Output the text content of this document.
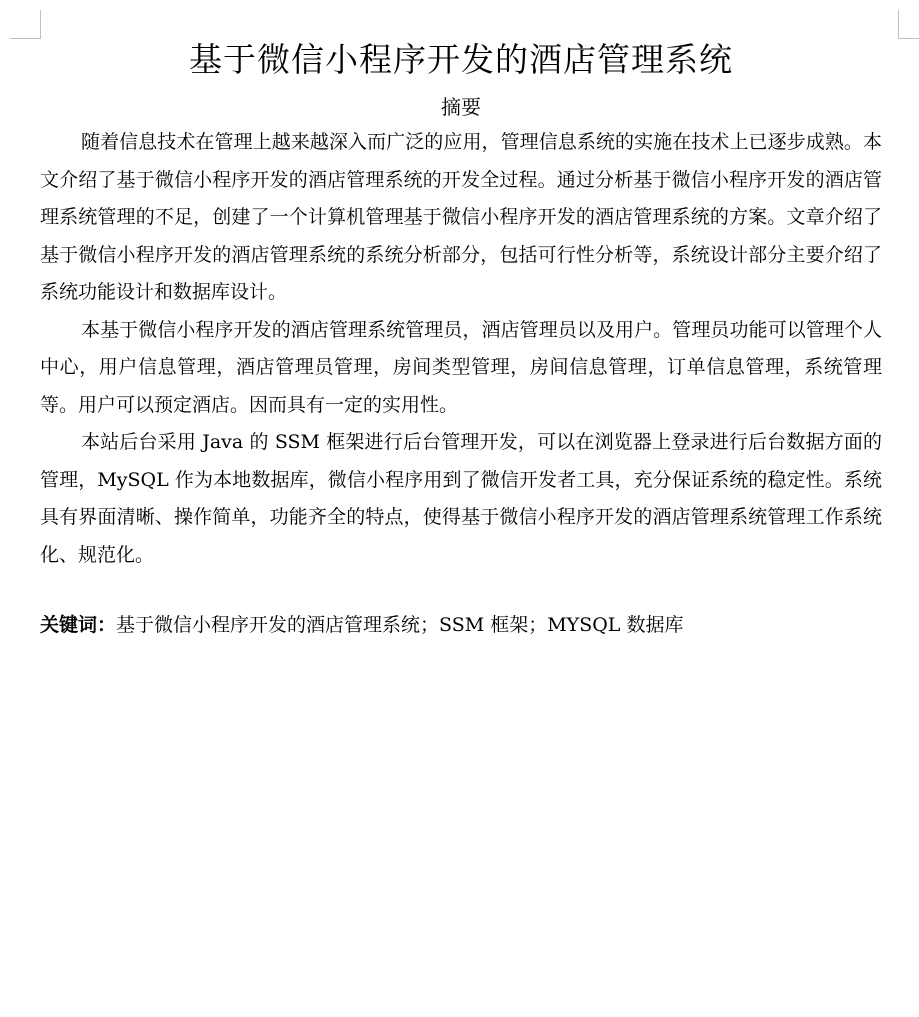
基于微信小程序开发的酒店管理系统
摘要

随着信息技术在管理上越来越深入而广泛的应用，管理信息系统的实施在技术上已逐步成熟。本文介绍了基于微信小程序开发的酒店管理系统的开发全过程。通过分析基于微信小程序开发的酒店管理系统管理的不足，创建了一个计算机管理基于微信小程序开发的酒店管理系统的方案。文章介绍了基于微信小程序开发的酒店管理系统的系统分析部分，包括可行性分析等，系统设计部分主要介绍了系统功能设计和数据库设计。

本基于微信小程序开发的酒店管理系统管理员，酒店管理员以及用户。管理员功能可以管理个人中心，用户信息管理，酒店管理员管理，房间类型管理，房间信息管理，订单信息管理，系统管理等。用户可以预定酒店。因而具有一定的实用性。

本站后台采用 Java 的 SSM 框架进行后台管理开发，可以在浏览器上登录进行后台数据方面的管理，MySQL 作为本地数据库，微信小程序用到了微信开发者工具，充分保证系统的稳定性。系统具有界面清晰、操作简单，功能齐全的特点，使得基于微信小程序开发的酒店管理系统管理工作系统化、规范化。

关键词：基于微信小程序开发的酒店管理系统；SSM 框架；MYSQL 数据库
